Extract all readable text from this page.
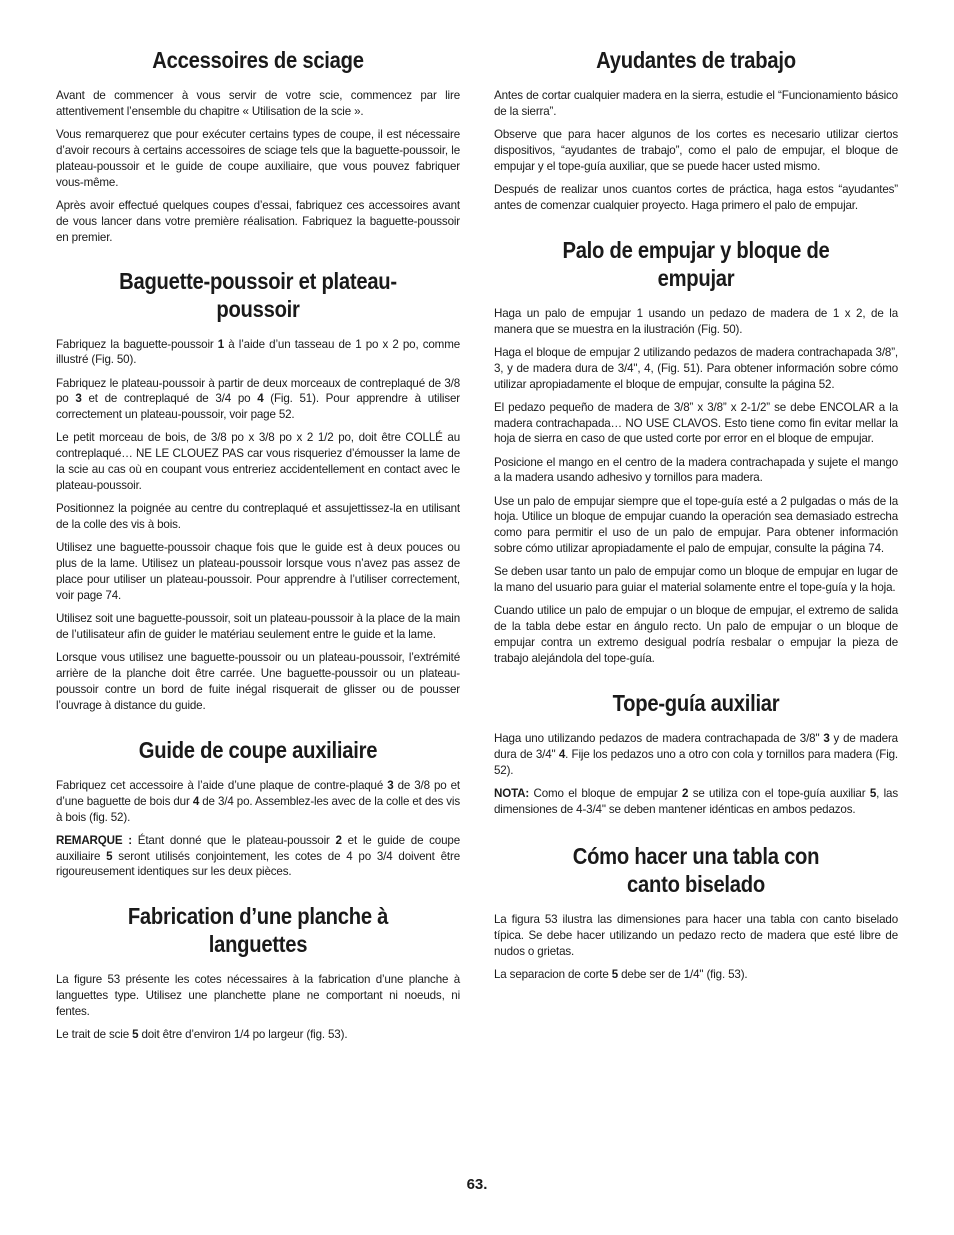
Accessoires de sciage

Avant de commencer à vous servir de votre scie, commencez par lire attentivement l’ensemble du chapitre « Utilisation de la scie ».

Vous remarquerez que pour exécuter certains types de coupe, il est nécessaire d’avoir recours à certains accessoires de sciage tels que la baguette-poussoir, le plateau-poussoir et le guide de coupe auxiliaire, que vous pouvez fabriquer vous-même.

Après avoir effectué quelques coupes d’essai, fabriquez ces accessoires avant de vous lancer dans votre première réalisation. Fabriquez la baguette-poussoir en premier.

Baguette-poussoir et plateau-poussoir

Fabriquez la baguette-poussoir 1 à l’aide d’un tasseau de 1 po x 2 po, comme illustré (Fig. 50).

Fabriquez le plateau-poussoir à partir de deux morceaux de contreplaqué de 3/8 po 3 et de contreplaqué de 3/4 po 4 (Fig. 51). Pour apprendre à utiliser correctement un plateau-poussoir, voir page 52.

Le petit morceau de bois, de 3/8 po x 3/8 po x 2 1/2 po, doit être COLLÉ au contreplaqué… NE LE CLOUEZ PAS car vous risqueriez d’émousser la lame de la scie au cas où en coupant vous entreriez accidentellement en contact avec le plateau-poussoir.

Positionnez la poignée au centre du contreplaqué et assujettissez-la en utilisant de la colle des vis à bois.

Utilisez une baguette-poussoir chaque fois que le guide est à deux pouces ou plus de la lame. Utilisez un plateau-poussoir lorsque vous n’avez pas assez de place pour utiliser un plateau-poussoir. Pour apprendre à l’utiliser correctement, voir page 74.

Utilisez soit une baguette-poussoir, soit un plateau-poussoir à la place de la main de l’utilisateur afin de guider le matériau seulement entre le guide et la lame.

Lorsque vous utilisez une baguette-poussoir ou un plateau-poussoir, l’extrémité arrière de la planche doit être carrée. Une baguette-poussoir ou un plateau-poussoir contre un bord de fuite inégal risquerait de glisser ou de pousser l’ouvrage à distance du guide.

Guide de coupe auxiliaire

Fabriquez cet accessoire à l’aide d’une plaque de contre-plaqué 3 de 3/8 po et d’une baguette de bois dur 4 de 3/4 po. Assemblez-les avec de la colle et des vis à bois (fig. 52).

REMARQUE : Étant donné que le plateau-poussoir 2 et le guide de coupe auxiliaire 5 seront utilisés conjointement, les cotes de 4 po 3/4 doivent être rigoureusement identiques sur les deux pièces.

Fabrication d’une planche à languettes

La figure 53 présente les cotes nécessaires à la fabrication d’une planche à languettes type. Utilisez une planchette plane ne comportant ni noeuds, ni fentes.

Le trait de scie 5 doit être d’environ 1/4 po largeur (fig. 53).

Ayudantes de trabajo

Antes de cortar cualquier madera en la sierra, estudie el “Funcionamiento básico de la sierra”.

Observe que para hacer algunos de los cortes es necesario utilizar ciertos dispositivos, “ayudantes de trabajo”, como el palo de empujar, el bloque de empujar y el tope-guía auxiliar, que se puede hacer usted mismo.

Después de realizar unos cuantos cortes de práctica, haga estos “ayudantes” antes de comenzar cualquier proyecto. Haga primero el palo de empujar.

Palo de empujar y bloque de empujar

Haga un palo de empujar 1 usando un pedazo de madera de 1 x 2, de la manera que se muestra en la ilustración (Fig. 50).

Haga el bloque de empujar 2 utilizando pedazos de madera contrachapada 3/8”, 3, y de madera dura de 3/4", 4, (Fig. 51). Para obtener información sobre cómo utilizar apropiadamente el bloque de empujar, consulte la página 52.

El pedazo pequeño de madera de 3/8” x 3/8” x 2-1/2” se debe ENCOLAR a la madera contrachapada… NO USE CLAVOS. Esto tiene como fin evitar mellar la hoja de sierra en caso de que usted corte por error en el bloque de empujar.

Posicione el mango en el centro de la madera contrachapada y sujete el mango a la madera usando adhesivo y tornillos para madera.

Use un palo de empujar siempre que el tope-guía esté a 2 pulgadas o más de la hoja. Utilice un bloque de empujar cuando la operación sea demasiado estrecha como para permitir el uso de un palo de empujar. Para obtener información sobre cómo utilizar apropiadamente el palo de empujar, consulte la página 74.

Se deben usar tanto un palo de empujar como un bloque de empujar en lugar de la mano del usuario para guiar el material solamente entre el tope-guía y la hoja.

Cuando utilice un palo de empujar o un bloque de empujar, el extremo de salida de la tabla debe estar en ángulo recto. Un palo de empujar o un bloque de empujar contra un extremo desigual podría resbalar o empujar la pieza de trabajo alejándola del tope-guía.

Tope-guía auxiliar

Haga uno utilizando pedazos de madera contrachapada de 3/8" 3 y de madera dura de 3/4" 4. Fije los pedazos uno a otro con cola y tornillos para madera (Fig. 52).

NOTA: Como el bloque de empujar 2 se utiliza con el tope-guía auxiliar 5, las dimensiones de 4-3/4" se deben mantener idénticas en ambos pedazos.

Cómo hacer una tabla con
canto biselado

La figura 53 ilustra las dimensiones para hacer una tabla con canto biselado típica. Se debe hacer utilizando un pedazo recto de madera que esté libre de nudos o grietas.

La separacion de corte 5 debe ser de 1/4" (fig. 53).

63.
